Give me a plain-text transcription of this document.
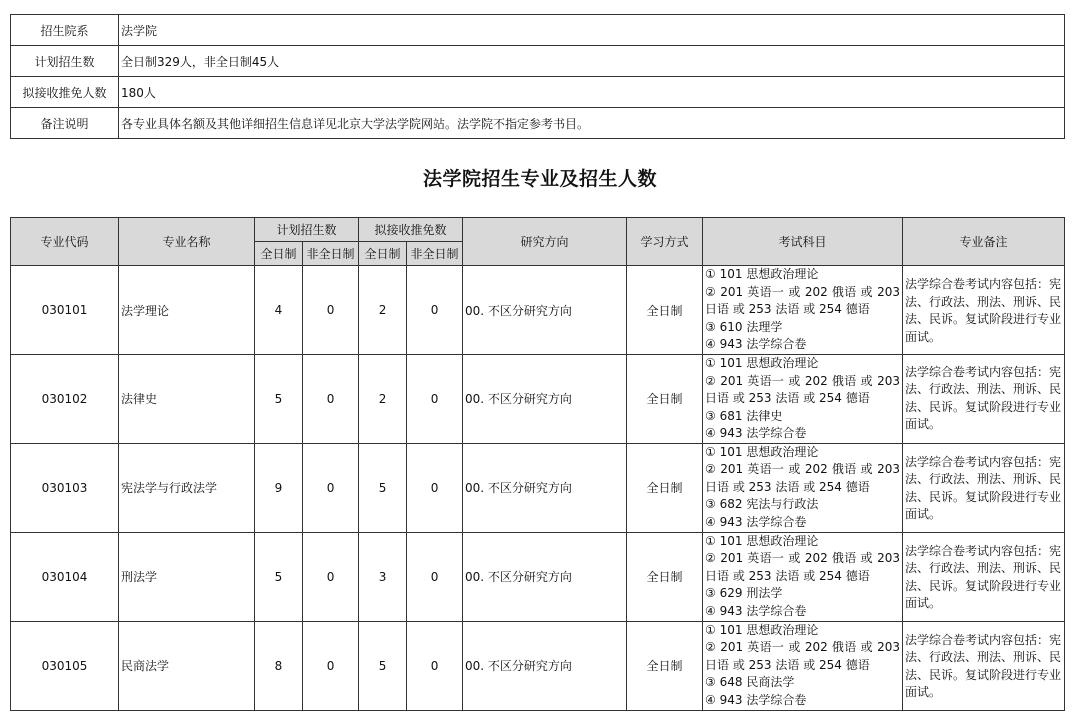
招生院系	法学院
计划招生数	全日制329人，非全日制45人
拟接收推免人数	180人
备注说明	各专业具体名额及其他详细招生信息详见北京大学法学院网站。法学院不指定参考书目。
法学院招生专业及招生人数
专业代码	专业名称	计划招生数		拟接收推免数		研究方向	学习方式	考试科目	专业备注
		全日制	非全日制	全日制	非全日制				
030101	法学理论	4	0	2	0	00. 不区分研究方向	全日制	① 101 思想政治理论
② 201 英语一 或 202 俄语 或 203 日语 或 253 法语 或 254 德语
③ 610 法理学
④ 943 法学综合卷	法学综合卷考试内容包括：宪法、行政法、刑法、刑诉、民法、民诉。复试阶段进行专业面试。
030102	法律史	5	0	2	0	00. 不区分研究方向	全日制	① 101 思想政治理论
② 201 英语一 或 202 俄语 或 203 日语 或 253 法语 或 254 德语
③ 681 法律史
④ 943 法学综合卷	法学综合卷考试内容包括：宪法、行政法、刑法、刑诉、民法、民诉。复试阶段进行专业面试。
030103	宪法学与行政法学	9	0	5	0	00. 不区分研究方向	全日制	① 101 思想政治理论
② 201 英语一 或 202 俄语 或 203 日语 或 253 法语 或 254 德语
③ 682 宪法与行政法
④ 943 法学综合卷	法学综合卷考试内容包括：宪法、行政法、刑法、刑诉、民法、民诉。复试阶段进行专业面试。
030104	刑法学	5	0	3	0	00. 不区分研究方向	全日制	① 101 思想政治理论
② 201 英语一 或 202 俄语 或 203 日语 或 253 法语 或 254 德语
③ 629 刑法学
④ 943 法学综合卷	法学综合卷考试内容包括：宪法、行政法、刑法、刑诉、民法、民诉。复试阶段进行专业面试。
030105	民商法学	8	0	5	0	00. 不区分研究方向	全日制	① 101 思想政治理论
② 201 英语一 或 202 俄语 或 203 日语 或 253 法语 或 254 德语
③ 648 民商法学
④ 943 法学综合卷	法学综合卷考试内容包括：宪法、行政法、刑法、刑诉、民法、民诉。复试阶段进行专业面试。
